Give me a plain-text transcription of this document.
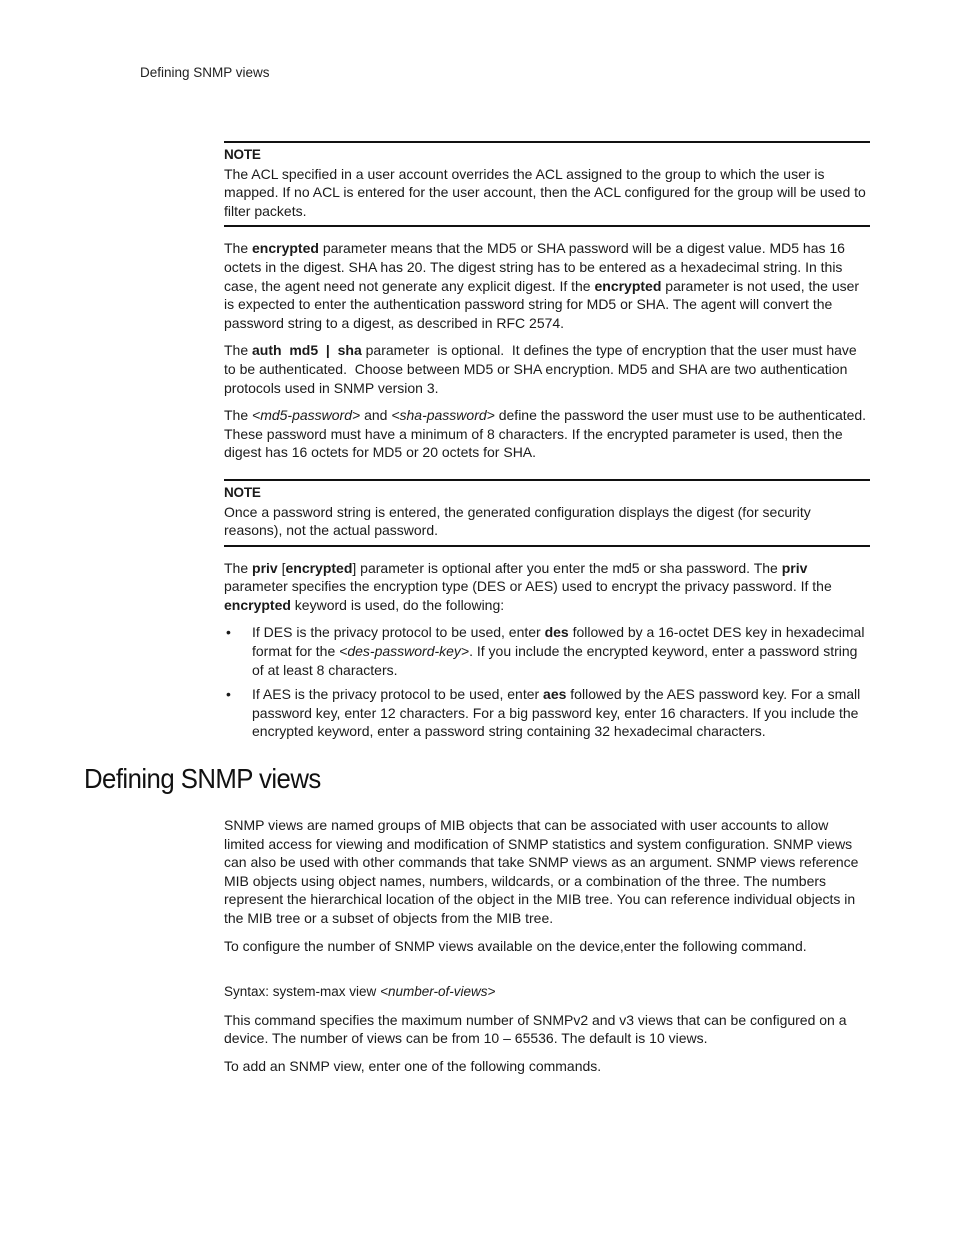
Defining SNMP views
NOTE
The ACL specified in a user account overrides the ACL assigned to the group to which the user is mapped. If no ACL is entered for the user account, then the ACL configured for the group will be used to filter packets.

The encrypted parameter means that the MD5 or SHA password will be a digest value. MD5 has 16 octets in the digest. SHA has 20. The digest string has to be entered as a hexadecimal string. In this case, the agent need not generate any explicit digest. If the encrypted parameter is not used, the user is expected to enter the authentication password string for MD5 or SHA. The agent will convert the password string to a digest, as described in RFC 2574.

The auth  md5  |  sha parameter  is optional.  It defines the type of encryption that the user must have to be authenticated.  Choose between MD5 or SHA encryption. MD5 and SHA are two authentication protocols used in SNMP version 3.

The <md5-password> and <sha-password> define the password the user must use to be authenticated. These password must have a minimum of 8 characters. If the encrypted parameter is used, then the digest has 16 octets for MD5 or 20 octets for SHA.

NOTE
Once a password string is entered, the generated configuration displays the digest (for security reasons), not the actual password.

The priv [encrypted] parameter is optional after you enter the md5 or sha password. The priv parameter specifies the encryption type (DES or AES) used to encrypt the privacy password. If the encrypted keyword is used, do the following:

• If DES is the privacy protocol to be used, enter des followed by a 16-octet DES key in hexadecimal format for the <des-password-key>. If you include the encrypted keyword, enter a password string of at least 8 characters.
• If AES is the privacy protocol to be used, enter aes followed by the AES password key. For a small password key, enter 12 characters. For a big password key, enter 16 characters. If you include the encrypted keyword, enter a password string containing 32 hexadecimal characters.
Defining SNMP views

SNMP views are named groups of MIB objects that can be associated with user accounts to allow limited access for viewing and modification of SNMP statistics and system configuration. SNMP views can also be used with other commands that take SNMP views as an argument. SNMP views reference MIB objects using object names, numbers, wildcards, or a combination of the three. The numbers represent the hierarchical location of the object in the MIB tree. You can reference individual objects in the MIB tree or a subset of objects from the MIB tree.

To configure the number of SNMP views available on the device,enter the following command.

Syntax: system-max view <number-of-views>

This command specifies the maximum number of SNMPv2 and v3 views that can be configured on a device. The number of views can be from 10 – 65536. The default is 10 views.

To add an SNMP view, enter one of the following commands.
